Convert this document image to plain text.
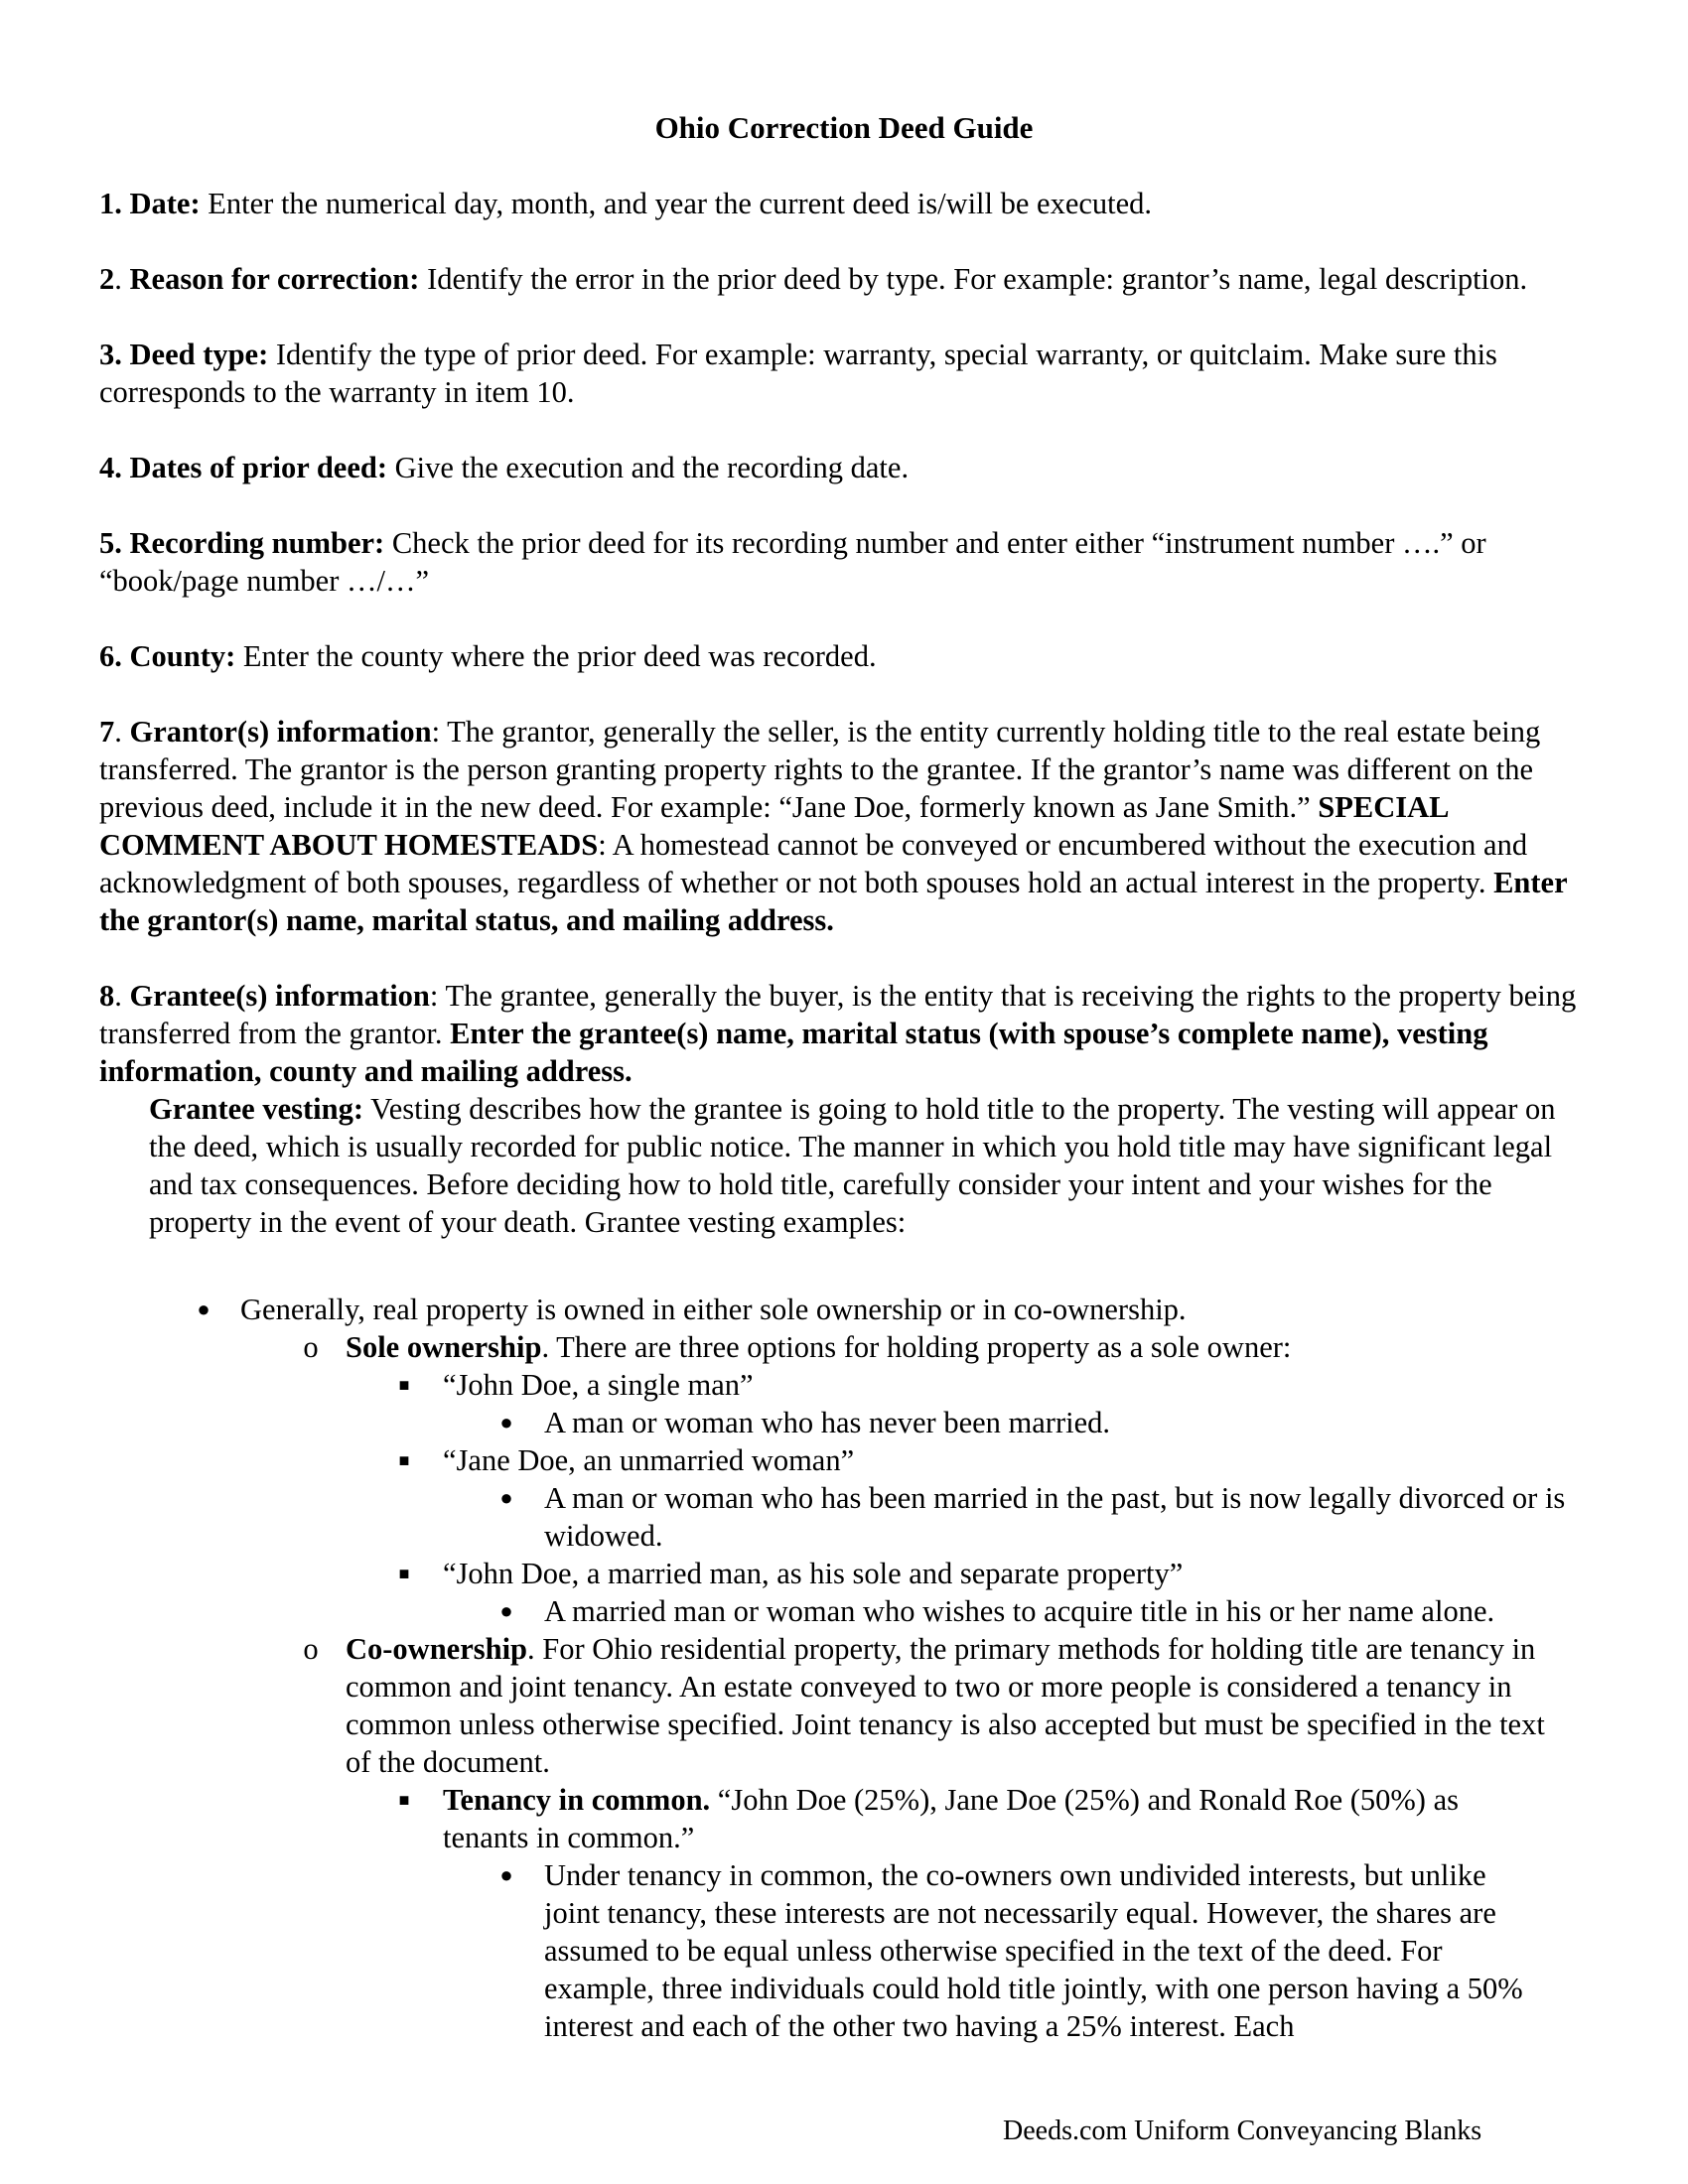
Ohio Correction Deed Guide

1. Date: Enter the numerical day, month, and year the current deed is/will be executed.

2. Reason for correction: Identify the error in the prior deed by type. For example: grantor’s name, legal description.

3. Deed type: Identify the type of prior deed. For example: warranty, special warranty, or quitclaim. Make sure this corresponds to the warranty in item 10.

4. Dates of prior deed: Give the execution and the recording date.

5. Recording number: Check the prior deed for its recording number and enter either “instrument number ….” or “book/page number …/…”

6. County: Enter the county where the prior deed was recorded.

7. Grantor(s) information: The grantor, generally the seller, is the entity currently holding title to the real estate being transferred. The grantor is the person granting property rights to the grantee. If the grantor’s name was different on the previous deed, include it in the new deed. For example: “Jane Doe, formerly known as Jane Smith.” SPECIAL COMMENT ABOUT HOMESTEADS: A homestead cannot be conveyed or encumbered without the execution and acknowledgment of both spouses, regardless of whether or not both spouses hold an actual interest in the property. Enter the grantor(s) name, marital status, and mailing address.

8. Grantee(s) information: The grantee, generally the buyer, is the entity that is receiving the rights to the property being transferred from the grantor. Enter the grantee(s) name, marital status (with spouse’s complete name), vesting information, county and mailing address.

Grantee vesting: Vesting describes how the grantee is going to hold title to the property. The vesting will appear on the deed, which is usually recorded for public notice. The manner in which you hold title may have significant legal and tax consequences. Before deciding how to hold title, carefully consider your intent and your wishes for the property in the event of your death. Grantee vesting examples:

● Generally, real property is owned in either sole ownership or in co-ownership.
o Sole ownership. There are three options for holding property as a sole owner:
■	“John Doe, a single man”
● A man or woman who has never been married.
■	“Jane Doe, an unmarried woman”
● A man or woman who has been married in the past, but is now legally divorced or is widowed.
■	“John Doe, a married man, as his sole and separate property”
● A married man or woman who wishes to acquire title in his or her name alone.
o Co-ownership. For Ohio residential property, the primary methods for holding title are tenancy in common and joint tenancy. An estate conveyed to two or more people is considered a tenancy in common unless otherwise specified. Joint tenancy is also accepted but must be specified in the text of the document.
■	Tenancy in common. “John Doe (25%), Jane Doe (25%) and Ronald Roe (50%) as tenants in common.”
● Under tenancy in common, the co-owners own undivided interests, but unlike joint tenancy, these interests are not necessarily equal. However, the shares are assumed to be equal unless otherwise specified in the text of the deed. For example, three individuals could hold title jointly, with one person having a 50% interest and each of the other two having a 25% interest. Each
Deeds.com Uniform Conveyancing Blanks
